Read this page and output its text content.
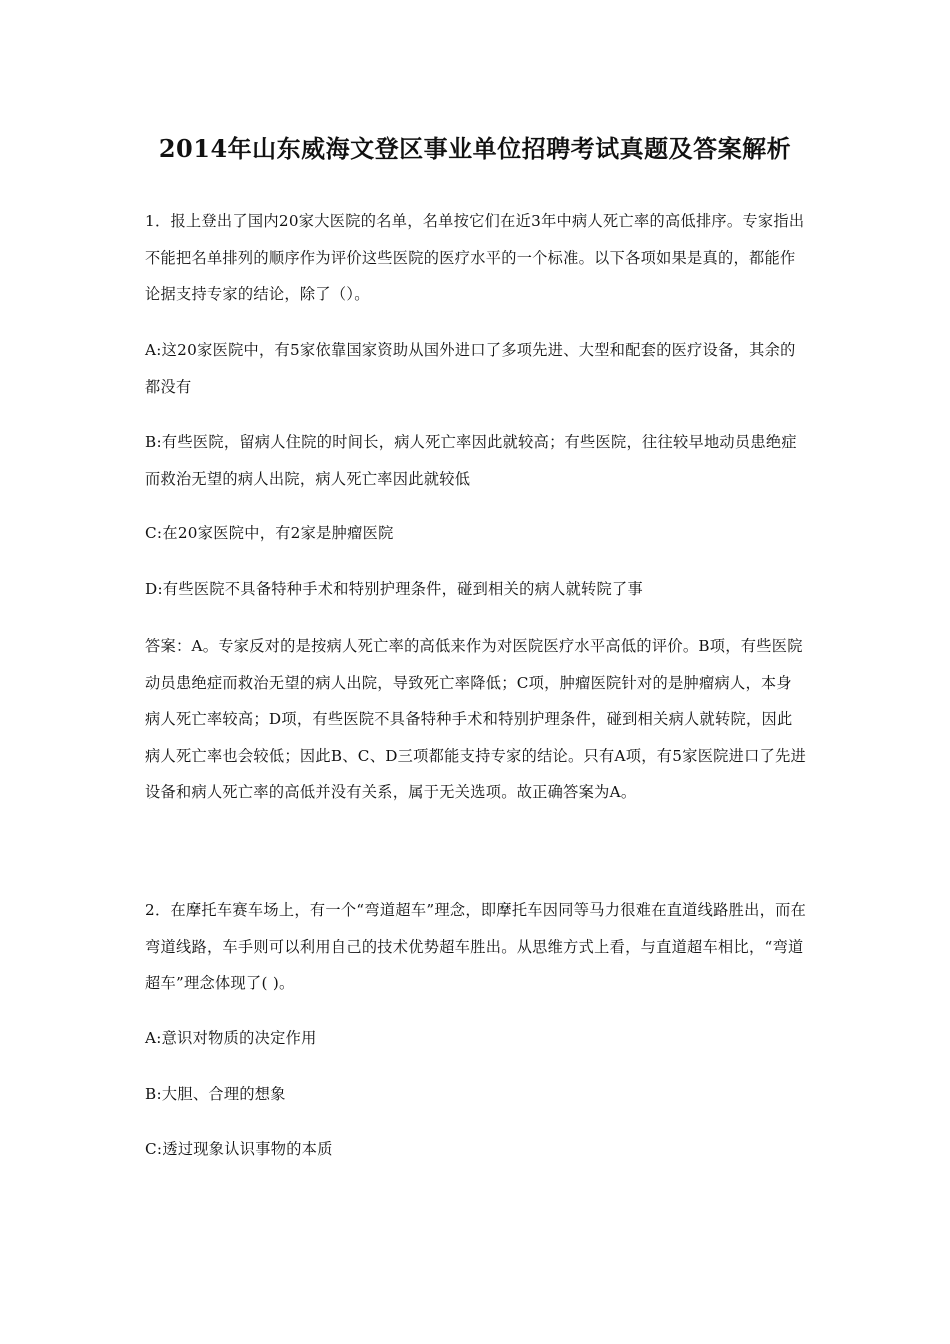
2014年山东威海文登区事业单位招聘考试真题及答案解析

1．报上登出了国内20家大医院的名单，名单按它们在近3年中病人死亡率的高低排序。专家指出不能把名单排列的顺序作为评价这些医院的医疗水平的一个标准。以下各项如果是真的，都能作论据支持专家的结论，除了（）。

A:这20家医院中，有5家依靠国家资助从国外进口了多项先进、大型和配套的医疗设备，其余的都没有

B:有些医院，留病人住院的时间长，病人死亡率因此就较高；有些医院，往往较早地动员患绝症而救治无望的病人出院，病人死亡率因此就较低

C:在20家医院中，有2家是肿瘤医院

D:有些医院不具备特种手术和特别护理条件，碰到相关的病人就转院了事

答案：A。专家反对的是按病人死亡率的高低来作为对医院医疗水平高低的评价。B项，有些医院动员患绝症而救治无望的病人出院，导致死亡率降低；C项，肿瘤医院针对的是肿瘤病人，本身病人死亡率较高；D项，有些医院不具备特种手术和特别护理条件，碰到相关病人就转院，因此病人死亡率也会较低；因此B、C、D三项都能支持专家的结论。只有A项，有5家医院进口了先进设备和病人死亡率的高低并没有关系，属于无关选项。故正确答案为A。

2．在摩托车赛车场上，有一个“弯道超车”理念，即摩托车因同等马力很难在直道线路胜出，而在弯道线路，车手则可以利用自己的技术优势超车胜出。从思维方式上看，与直道超车相比，“弯道超车”理念体现了( )。

A:意识对物质的决定作用

B:大胆、合理的想象

C:透过现象认识事物的本质
